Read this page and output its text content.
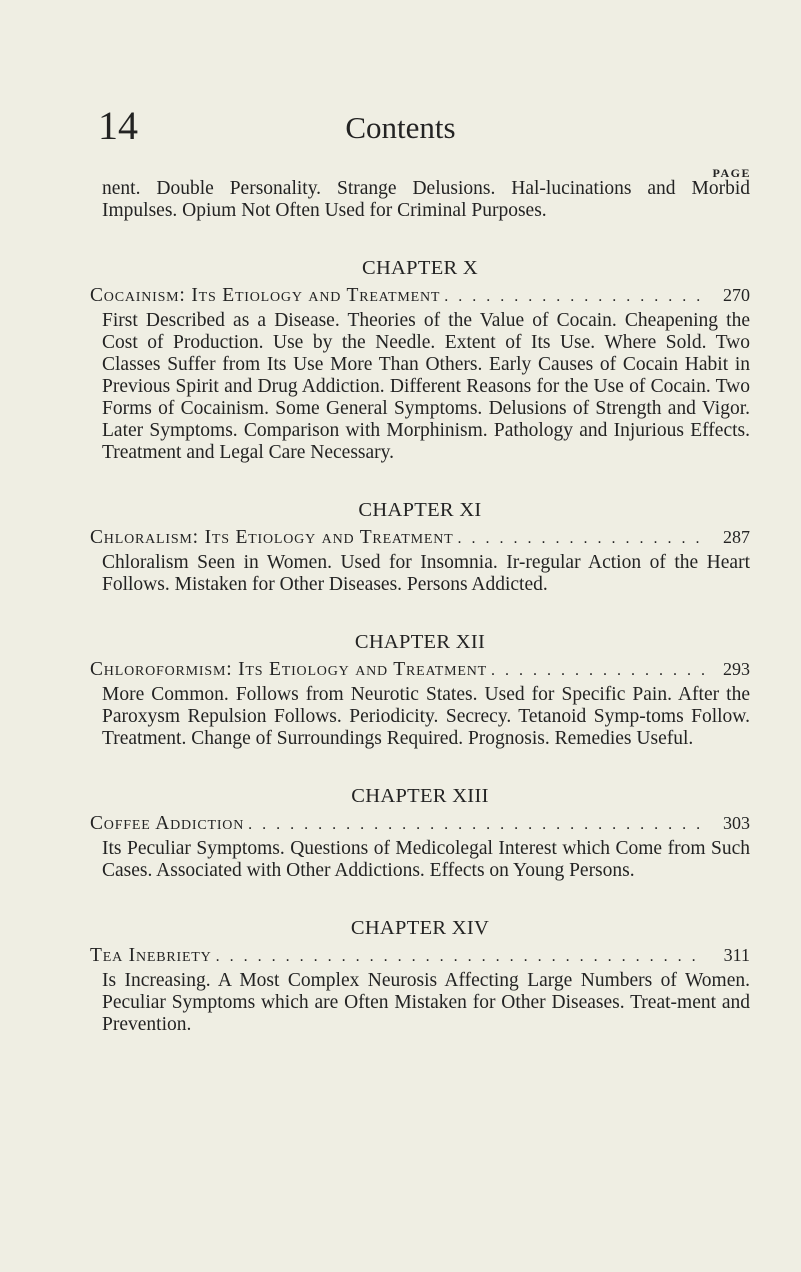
14	Contents
PAGE

nent. Double Personality. Strange Delusions. Hal-lucinations and Morbid Impulses. Opium Not Often Used for Criminal Purposes.

CHAPTER X
Cocainism: Its Etiology and Treatment . . .	270

First Described as a Disease. Theories of the Value of Cocain. Cheapening the Cost of Production. Use by the Needle. Extent of Its Use. Where Sold. Two Classes Suffer from Its Use More Than Others. Early Causes of Cocain Habit in Previous Spirit and Drug Addiction. Different Reasons for the Use of Cocain. Two Forms of Cocainism. Some General Symptoms. Delusions of Strength and Vigor. Later Symptoms. Comparison with Morphinism. Pathology and Injurious Effects. Treatment and Legal Care Necessary.

CHAPTER XI
Chloralism: Its Etiology and Treatment . . .	287

Chloralism Seen in Women. Used for Insomnia. Ir-regular Action of the Heart Follows. Mistaken for Other Diseases. Persons Addicted.

CHAPTER XII
Chloroformism: Its Etiology and Treatment . . .	293

More Common. Follows from Neurotic States. Used for Specific Pain. After the Paroxysm Repulsion Follows. Periodicity. Secrecy. Tetanoid Symp-toms Follow. Treatment. Change of Surroundings Required. Prognosis. Remedies Useful.

CHAPTER XIII
Coffee Addiction . . .	303

Its Peculiar Symptoms. Questions of Medicolegal Interest which Come from Such Cases. Associated with Other Addictions. Effects on Young Persons.

CHAPTER XIV
Tea Inebriety . . .	311

Is Increasing. A Most Complex Neurosis Affecting Large Numbers of Women. Peculiar Symptoms which are Often Mistaken for Other Diseases. Treat-ment and Prevention.
